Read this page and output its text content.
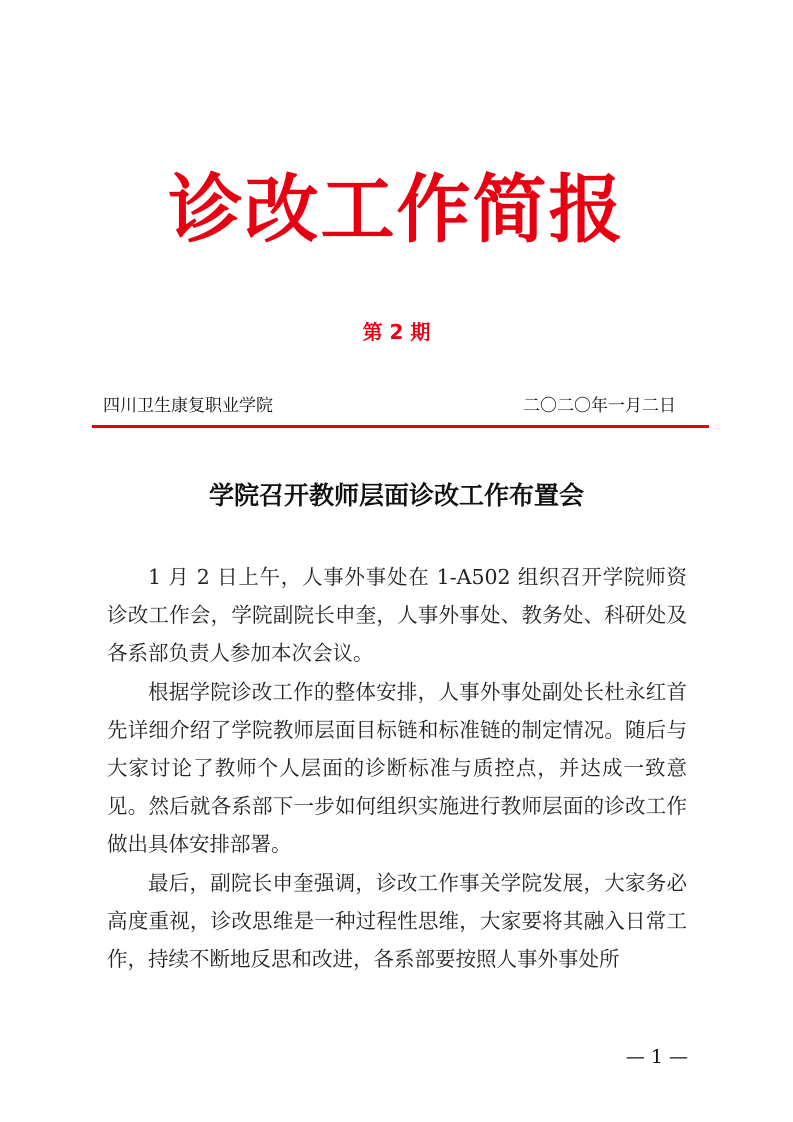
诊改工作简报
第 2 期
四川卫生康复职业学院	二〇二〇年一月二日
学院召开教师层面诊改工作布置会

1 月 2 日上午，人事外事处在 1-A502 组织召开学院师资诊改工作会，学院副院长申奎，人事外事处、教务处、科研处及各系部负责人参加本次会议。

根据学院诊改工作的整体安排，人事外事处副处长杜永红首先详细介绍了学院教师层面目标链和标准链的制定情况。随后与大家讨论了教师个人层面的诊断标准与质控点，并达成一致意见。然后就各系部下一步如何组织实施进行教师层面的诊改工作做出具体安排部署。

最后，副院长申奎强调，诊改工作事关学院发展，大家务必高度重视，诊改思维是一种过程性思维，大家要将其融入日常工作，持续不断地反思和改进，各系部要按照人事外事处所

— 1 —
